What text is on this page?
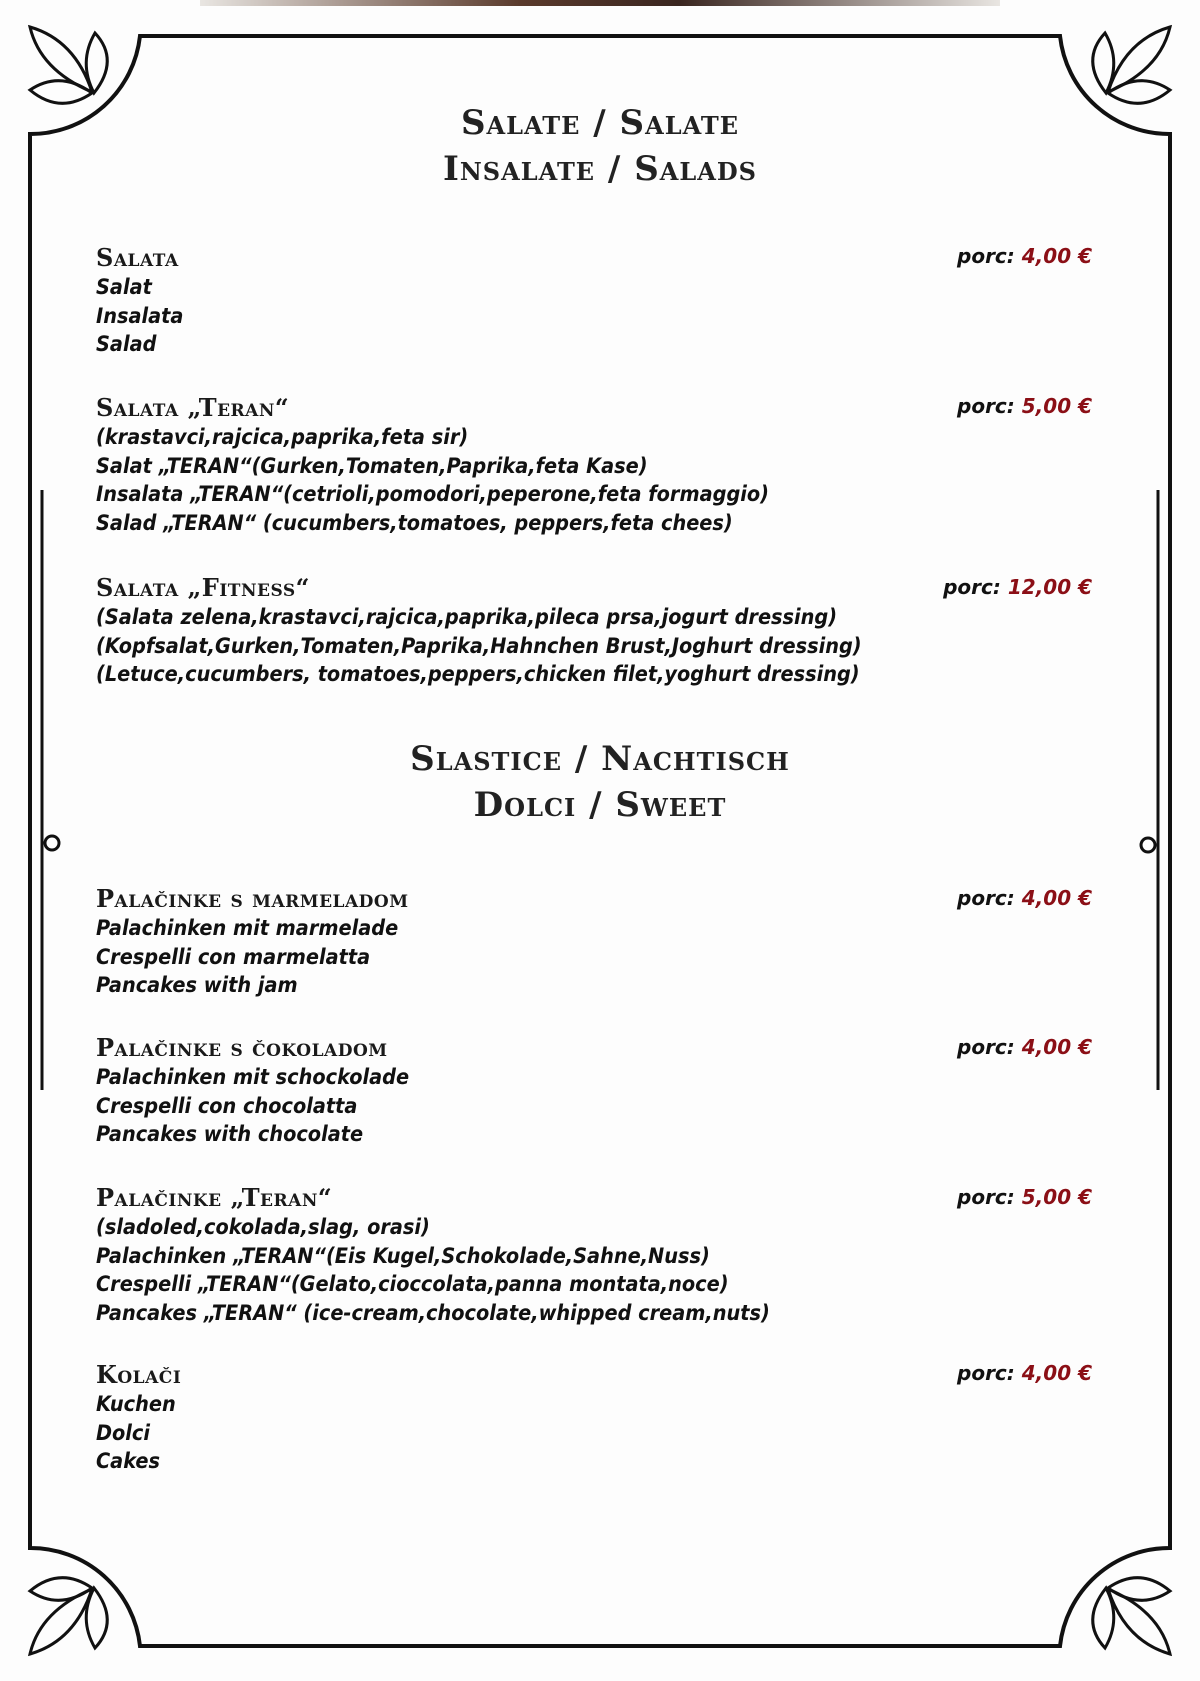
Salate / Salate
Insalate / Salads
Salata
Salat
Insalata
Salad
porc: 4,00 €
Salata „Teran“
(krastavci,rajcica,paprika,feta sir)
Salat „TERAN“(Gurken,Tomaten,Paprika,feta Kase)
Insalata „TERAN“(cetrioli,pomodori,peperone,feta formaggio)
Salad „TERAN“ (cucumbers,tomatoes, peppers,feta chees)
porc: 5,00 €
Salata „Fitness“
(Salata zelena,krastavci,rajcica,paprika,pileca prsa,jogurt dressing)
(Kopfsalat,Gurken,Tomaten,Paprika,Hahnchen Brust,Joghurt dressing)
(Letuce,cucumbers, tomatoes,peppers,chicken filet,yoghurt dressing)
porc: 12,00 €
Slastice / Nachtisch
Dolci / Sweet
Palačinke s marmeladom
Palachinken mit marmelade
Crespelli con marmelatta
Pancakes with jam
porc: 4,00 €
Palačinke s čokoladom
Palachinken mit schockolade
Crespelli con chocolatta
Pancakes with chocolate
porc: 4,00 €
Palačinke „Teran“
(sladoled,cokolada,slag, orasi)
Palachinken „TERAN“(Eis Kugel,Schokolade,Sahne,Nuss)
Crespelli „TERAN“(Gelato,cioccolata,panna montata,noce)
Pancakes „TERAN“ (ice-cream,chocolate,whipped cream,nuts)
porc: 5,00 €
Kolači
Kuchen
Dolci
Cakes
porc: 4,00 €
